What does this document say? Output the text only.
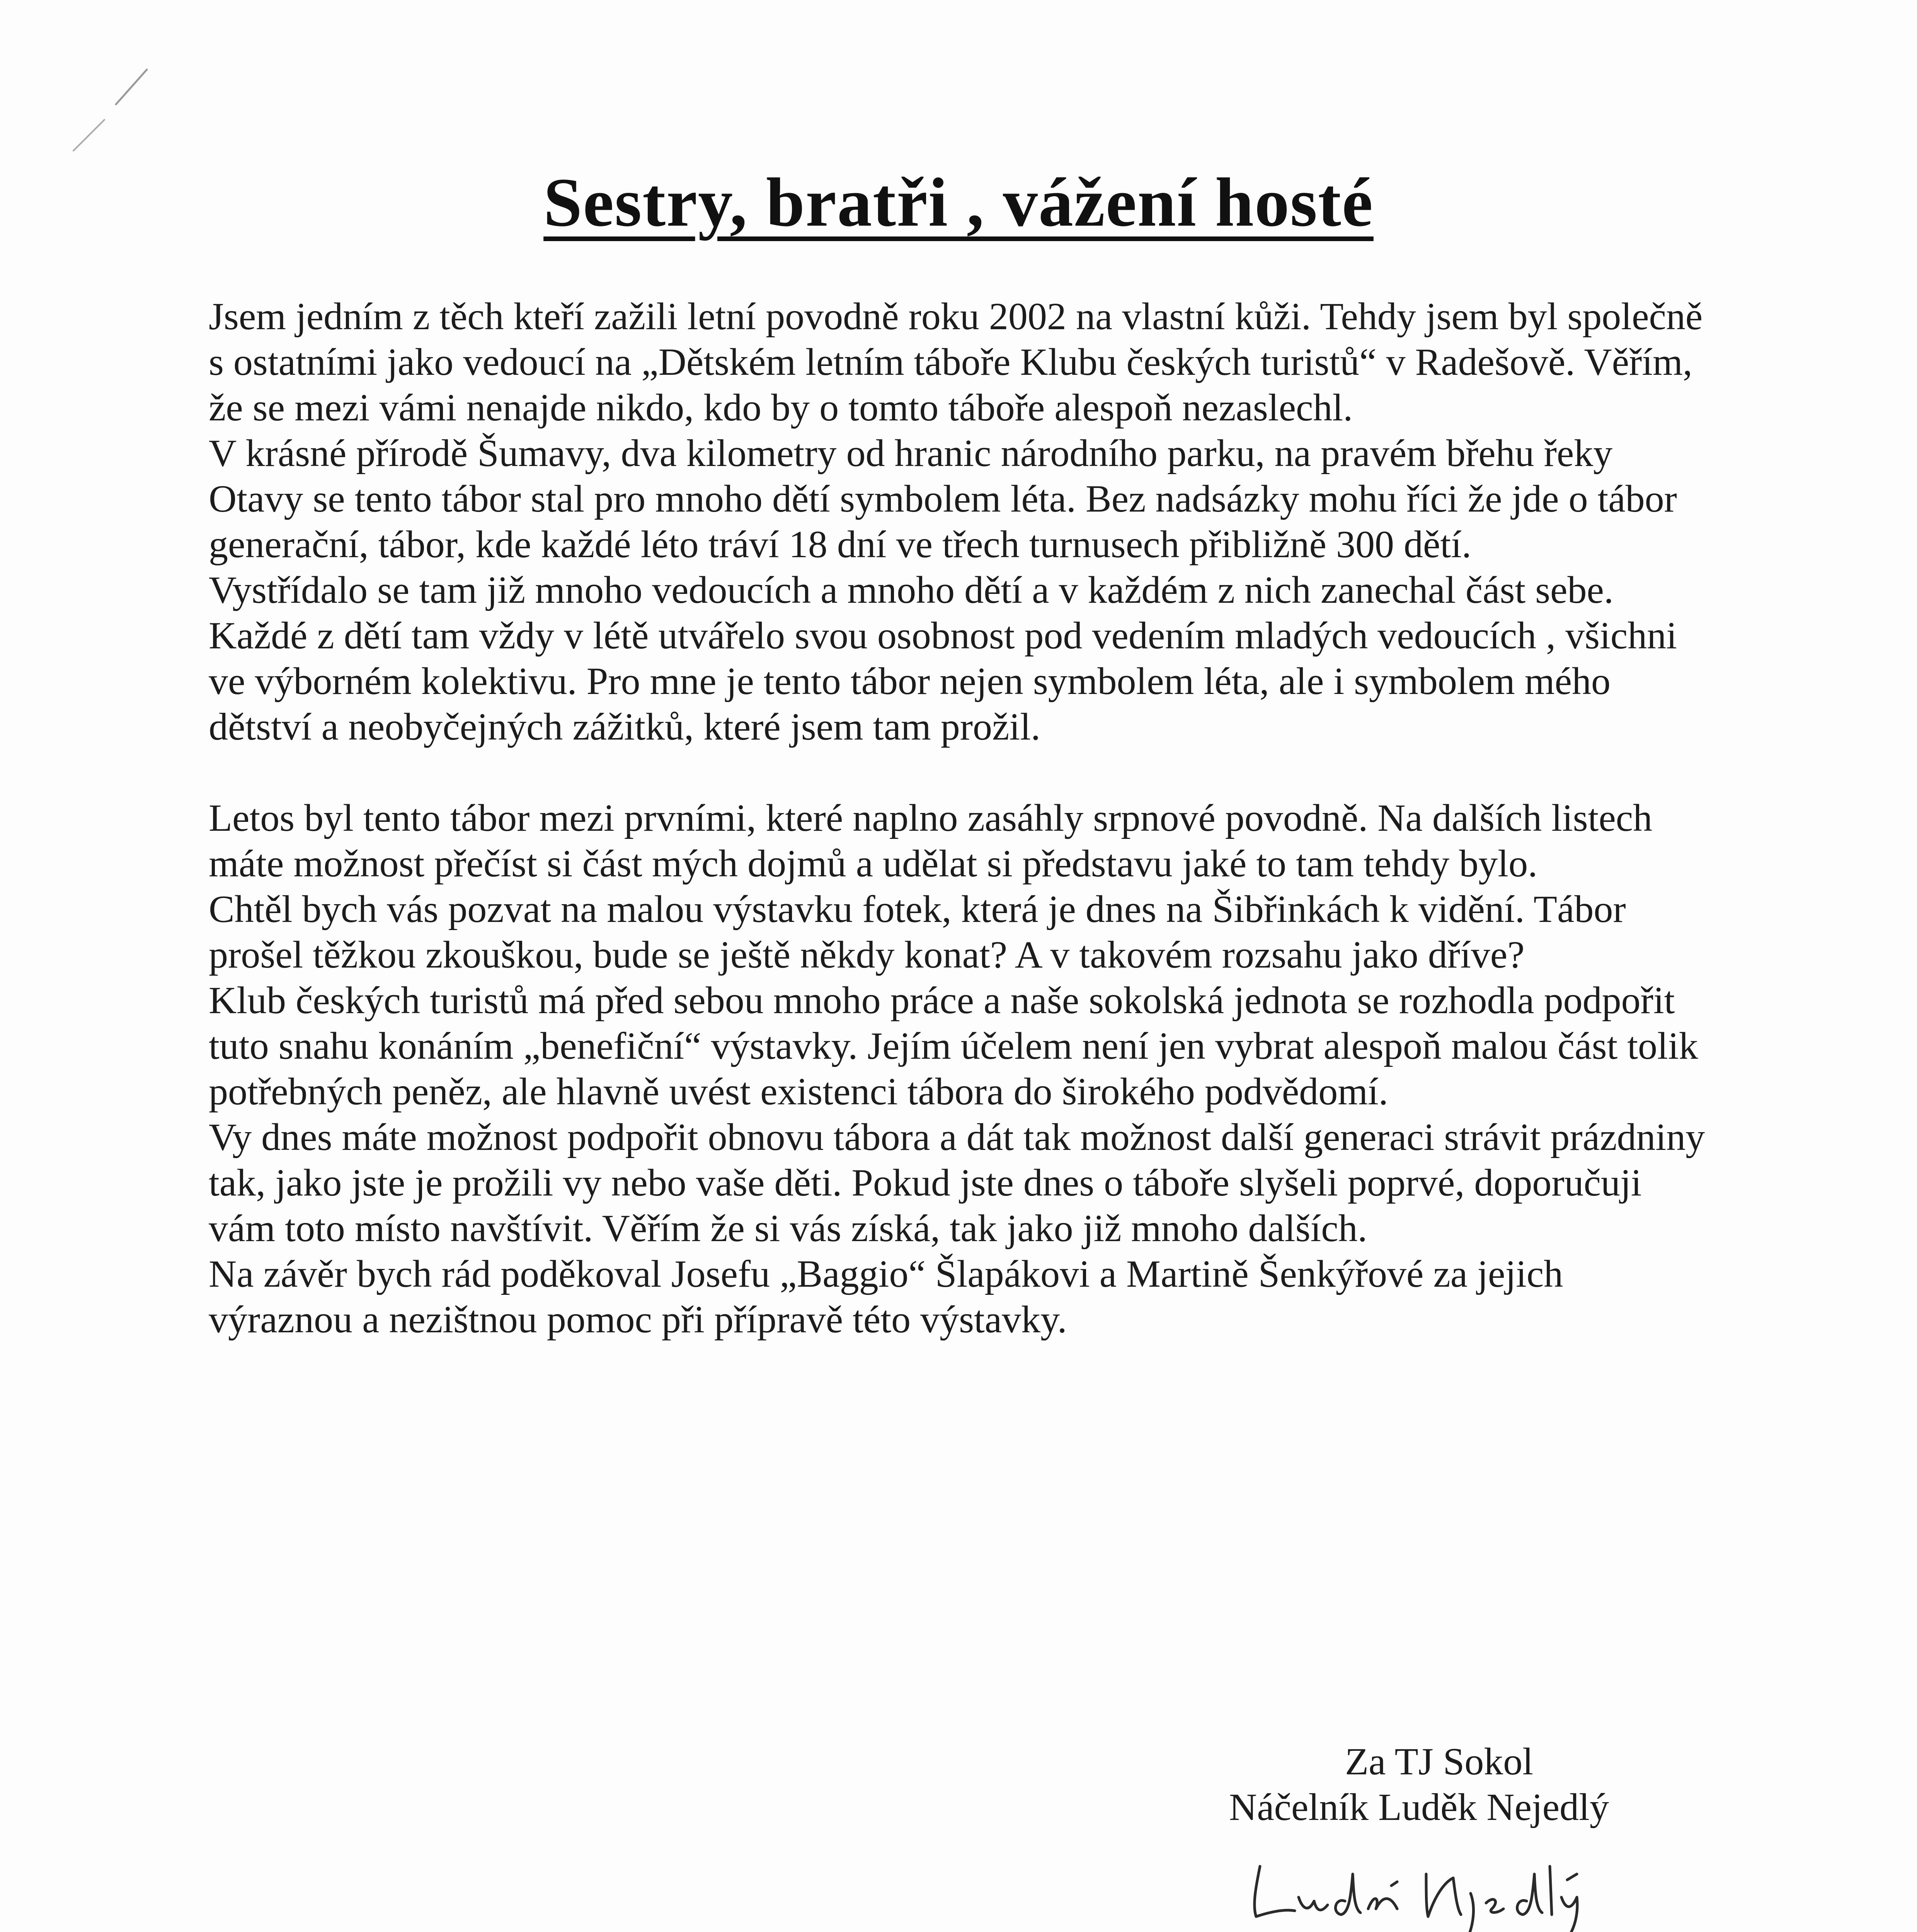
Sestry, bratři , vážení hosté

Jsem jedním z těch kteří zažili letní povodně roku 2002 na vlastní kůži. Tehdy jsem byl společně s ostatními jako vedoucí na „Dětském letním táboře Klubu českých turistů“ v Radešově. Věřím, že se mezi vámi nenajde nikdo, kdo by o tomto táboře alespoň nezaslechl.

V krásné přírodě Šumavy, dva kilometry od hranic národního parku, na pravém břehu řeky Otavy se tento tábor stal pro mnoho dětí symbolem léta. Bez nadsázky mohu říci že jde o tábor generační, tábor, kde každé léto tráví 18 dní ve třech turnusech přibližně 300 dětí.

Vystřídalo se tam již mnoho vedoucích a mnoho dětí a v každém z nich zanechal část sebe. Každé z dětí tam vždy v létě utvářelo svou osobnost pod vedením mladých vedoucích , všichni ve výborném kolektivu. Pro mne je tento tábor nejen symbolem léta, ale i symbolem mého dětství a neobyčejných zážitků, které jsem tam prožil.

Letos byl tento tábor mezi prvními, které naplno zasáhly srpnové povodně. Na dalších listech máte možnost přečíst si část mých dojmů a udělat si představu jaké to tam tehdy bylo.

Chtěl bych vás pozvat na malou výstavku fotek, která je dnes na Šibřinkách k vidění. Tábor prošel těžkou zkouškou, bude se ještě někdy konat? A v takovém rozsahu jako dříve?

Klub českých turistů má před sebou mnoho práce a naše sokolská jednota se rozhodla podpořit tuto snahu konáním „benefiční“ výstavky. Jejím účelem není jen vybrat alespoň malou část tolik potřebných peněz, ale hlavně uvést existenci tábora do širokého podvědomí.

Vy dnes máte možnost podpořit obnovu tábora a dát tak možnost další generaci strávit prázdniny tak, jako jste je prožili vy nebo vaše děti. Pokud jste dnes o táboře slyšeli poprvé, doporučuji vám toto místo navštívit. Věřím že si vás získá, tak jako již mnoho dalších.

Na závěr bych rád poděkoval Josefu „Baggio“ Šlapákovi a Martině Šenkýřové za jejich výraznou a nezištnou pomoc při přípravě této výstavky.

Za TJ Sokol
Náčelník Luděk Nejedlý
